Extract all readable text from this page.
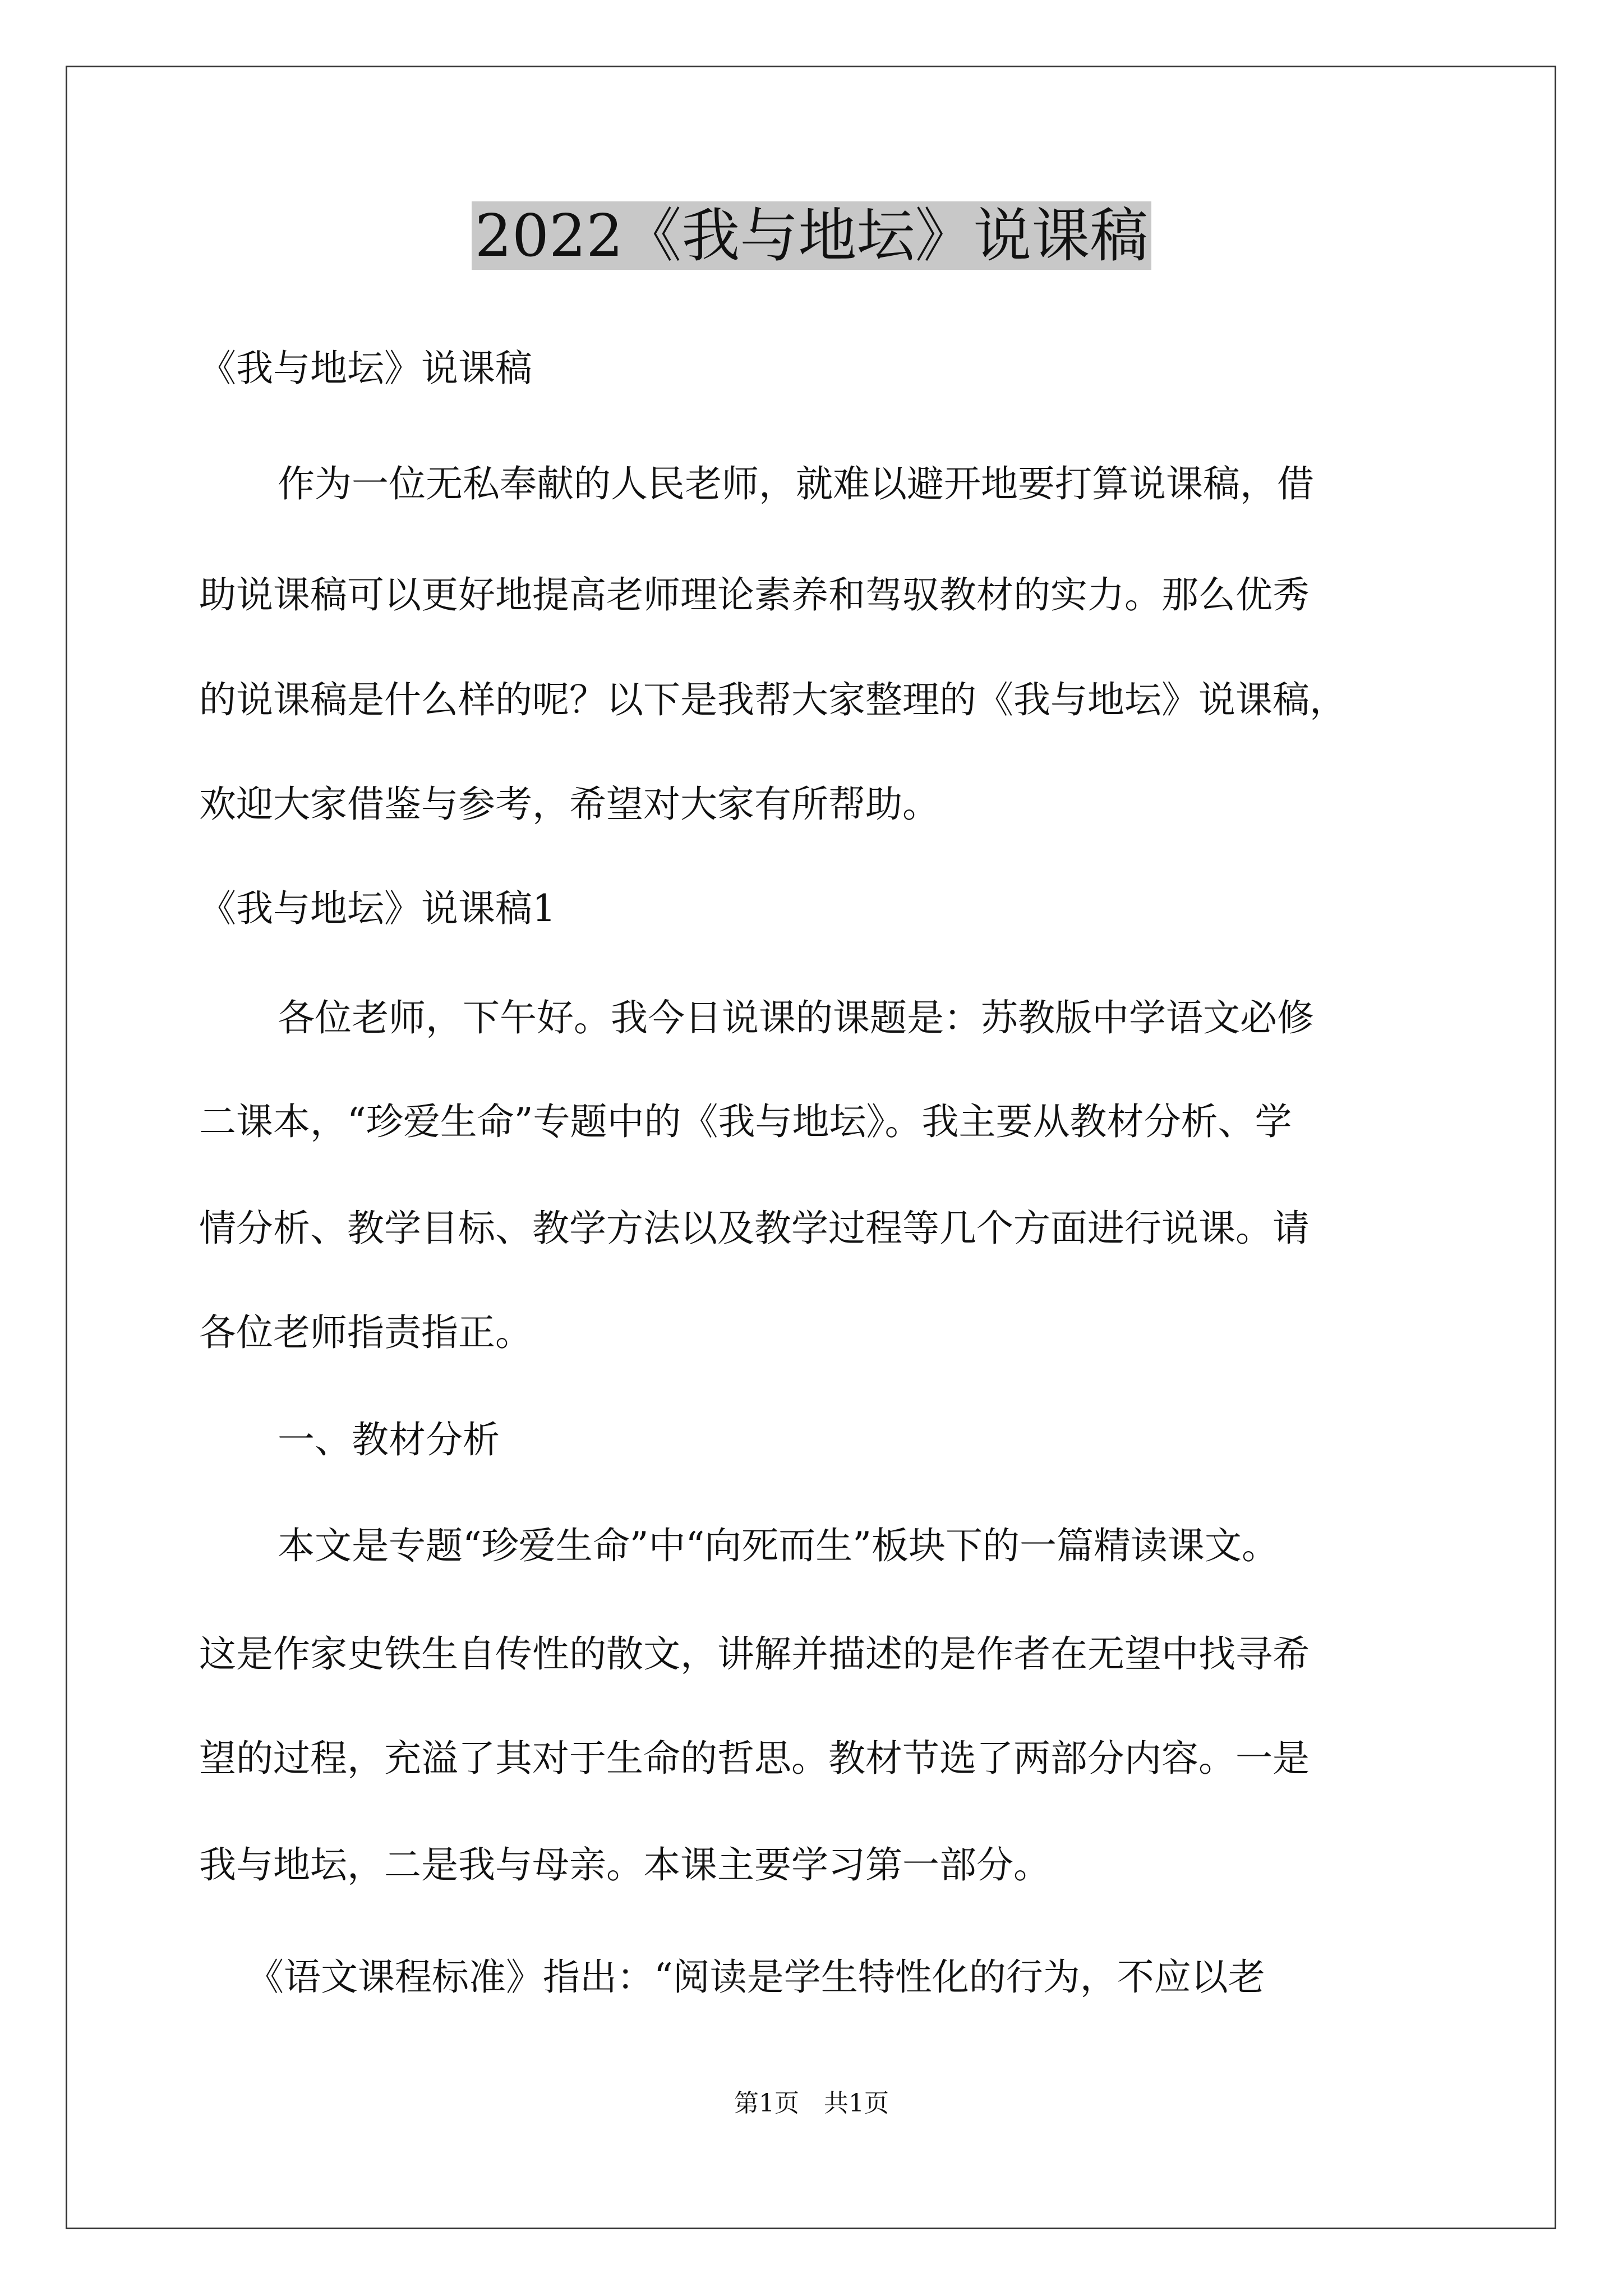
2022《我与地坛》说课稿
《我与地坛》说课稿
作为一位无私奉献的人民老师，就难以避开地要打算说课稿，借
助说课稿可以更好地提高老师理论素养和驾驭教材的实力。那么优秀
的说课稿是什么样的呢？以下是我帮大家整理的《我与地坛》说课稿，
欢迎大家借鉴与参考，希望对大家有所帮助。
《我与地坛》说课稿1
各位老师，下午好。我今日说课的课题是：苏教版中学语文必修
二课本，“珍爱生命”专题中的《我与地坛》。我主要从教材分析、学
情分析、教学目标、教学方法以及教学过程等几个方面进行说课。请
各位老师指责指正。
一、教材分析
本文是专题“珍爱生命”中“向死而生”板块下的一篇精读课文。
这是作家史铁生自传性的散文，讲解并描述的是作者在无望中找寻希
望的过程，充溢了其对于生命的哲思。教材节选了两部分内容。一是
我与地坛，二是我与母亲。本课主要学习第一部分。
《语文课程标准》指出：“阅读是学生特性化的行为，不应以老
第1页　共1页
